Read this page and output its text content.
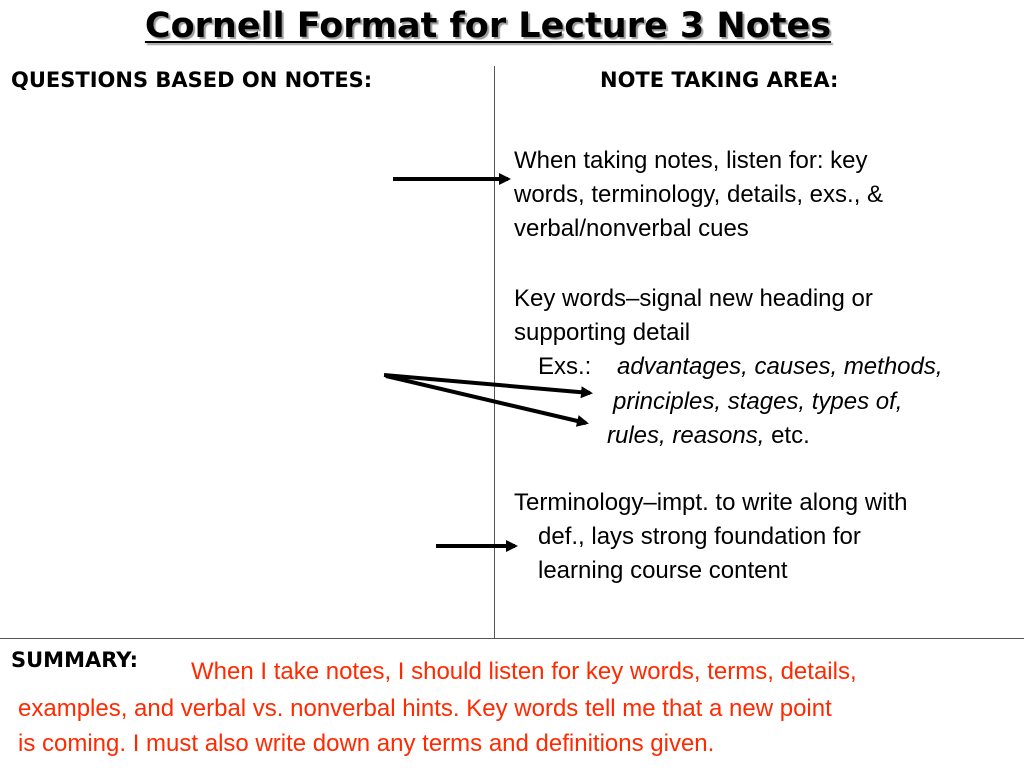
Cornell Format for Lecture 3 Notes
QUESTIONS BASED ON NOTES:	NOTE TAKING AREA:
When taking notes, listen for: key
words, terminology, details, exs., &
verbal/nonverbal cues
Key words–signal new heading or
supporting detail
Exs.: advantages, causes, methods,
principles, stages, types of,
rules, reasons, etc.
Terminology–impt. to write along with
def., lays strong foundation for
learning course content
SUMMARY: When I take notes, I should listen for key words, terms, details,
examples, and verbal vs. nonverbal hints. Key words tell me that a new point
is coming. I must also write down any terms and definitions given.
